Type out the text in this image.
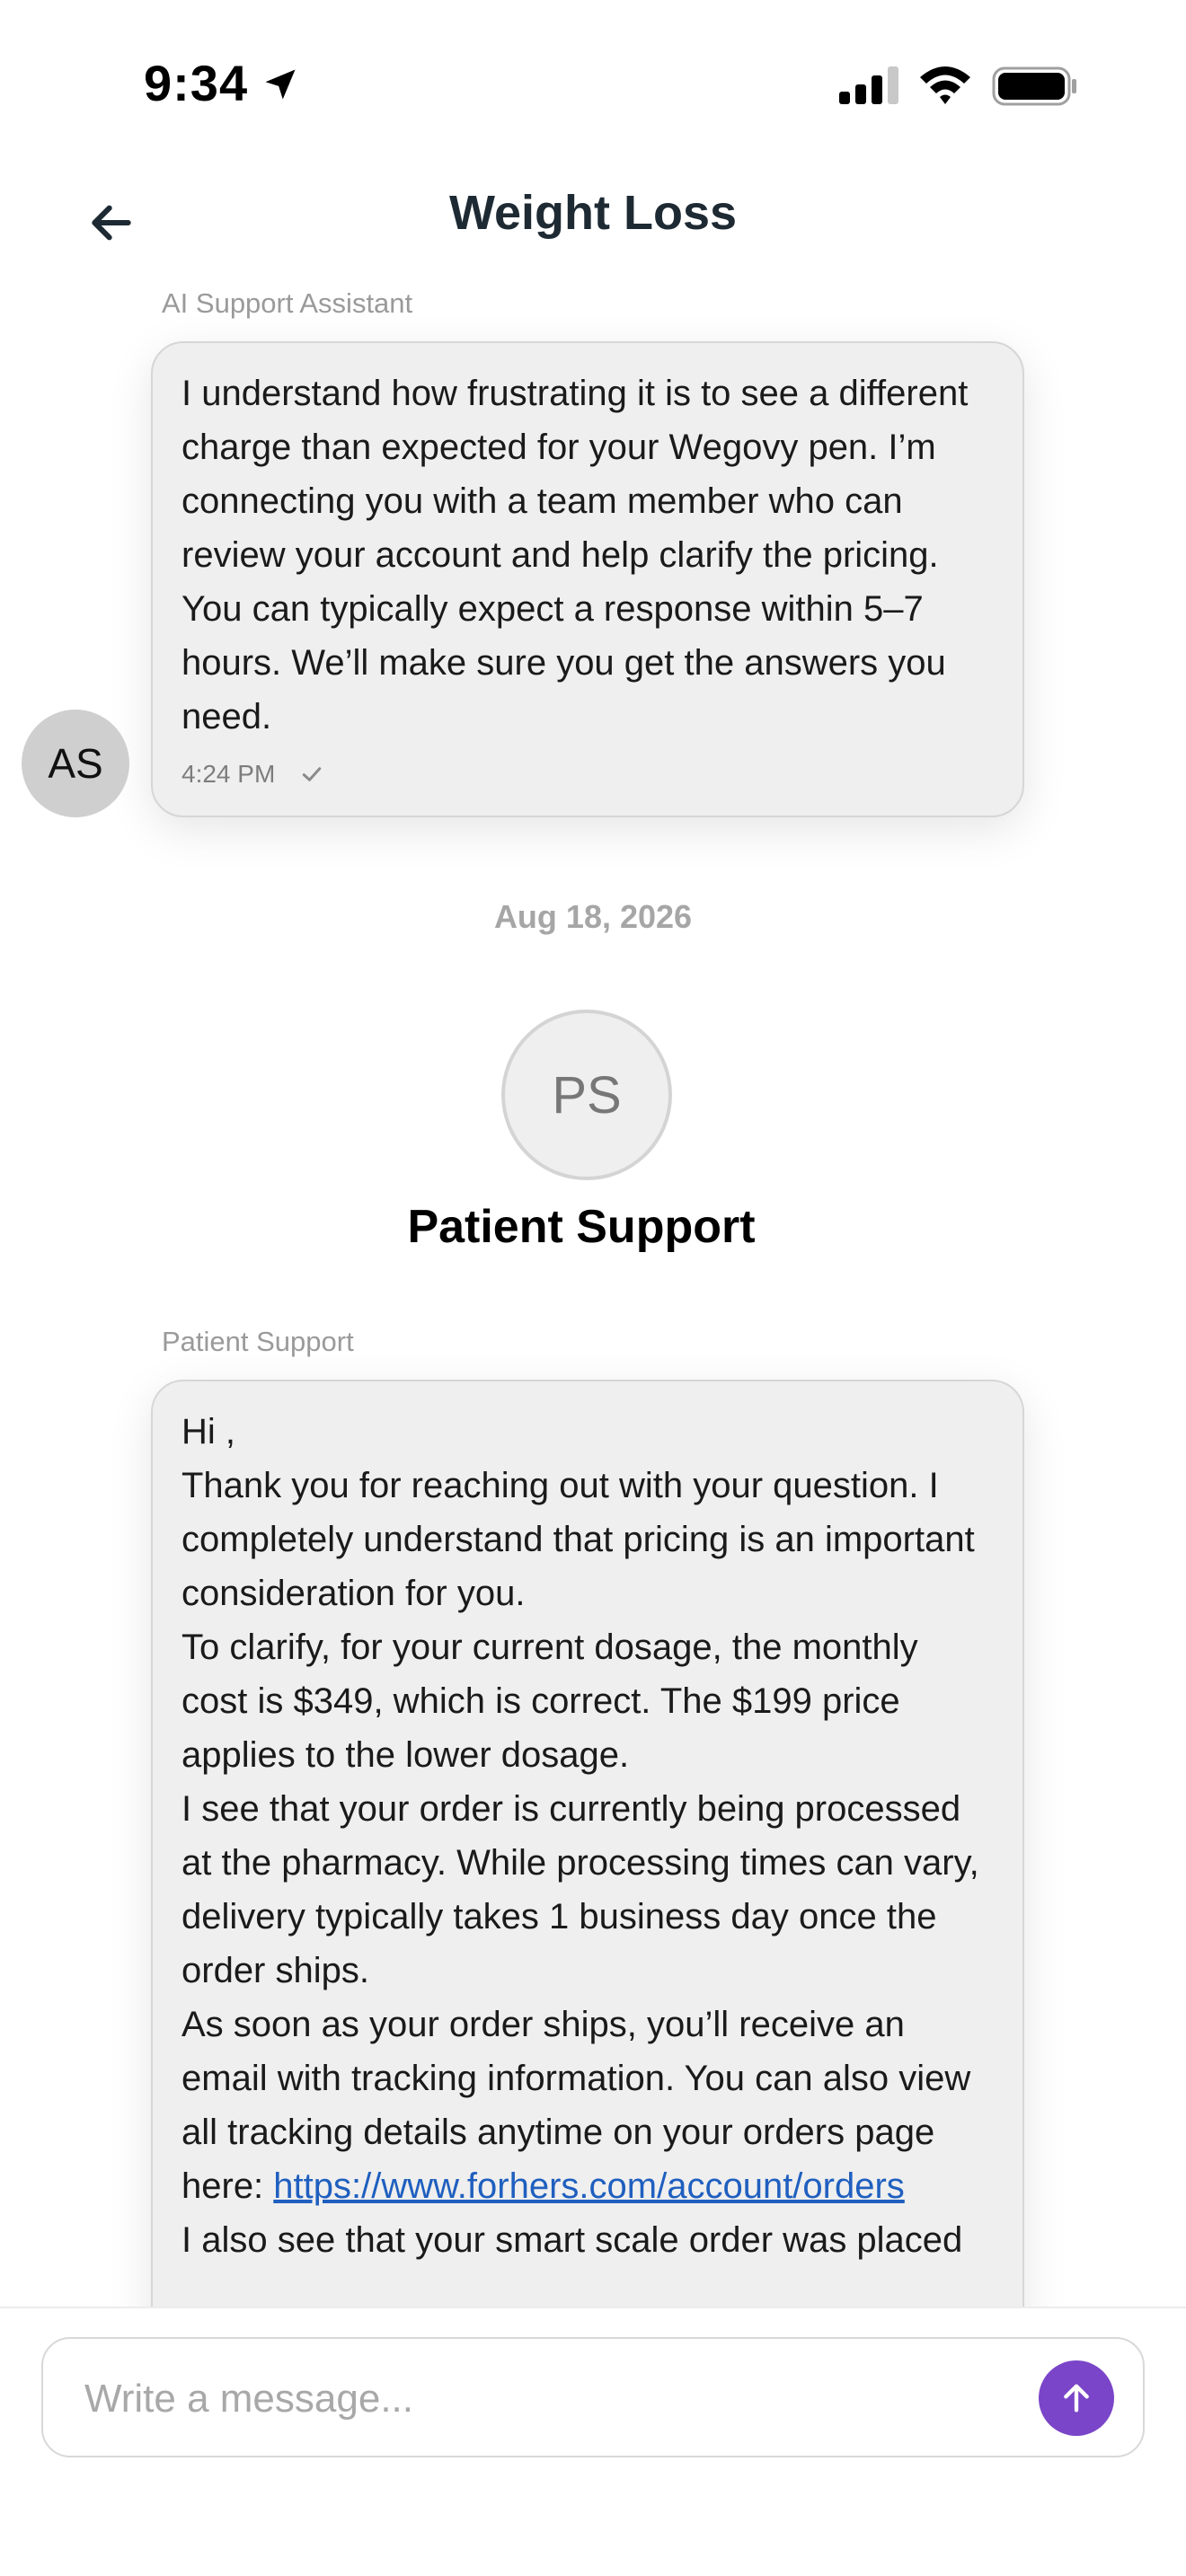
9:34
Weight Loss
AI Support Assistant

I understand how frustrating it is to see a different charge than expected for your Wegovy pen. I’m connecting you with a team member who can review your account and help clarify the pricing. You can typically expect a response within 5–7 hours. We’ll make sure you get the answers you need.

4:24 PM
AS
Aug 18, 2026
PS
Patient Support
Patient Support

Hi ,

Thank you for reaching out with your question. I completely understand that pricing is an important consideration for you.

To clarify, for your current dosage, the monthly cost is $349, which is correct. The $199 price applies to the lower dosage.

I see that your order is currently being processed at the pharmacy. While processing times can vary, delivery typically takes 1 business day once the order ships.

As soon as your order ships, you’ll receive an email with tracking information. You can also view all tracking details anytime on your orders page here: https://www.forhers.com/account/orders

I also see that your smart scale order was placed

Write a message...
